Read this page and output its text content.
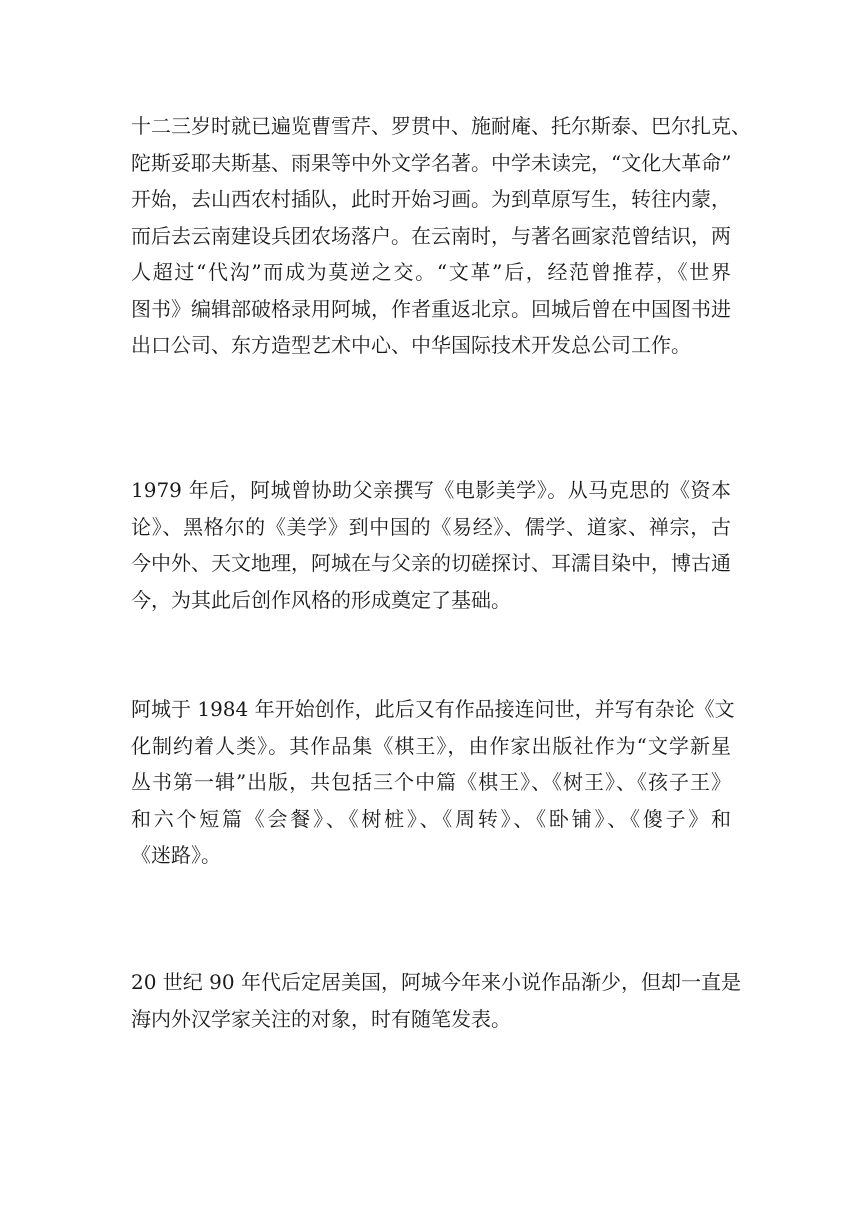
十二三岁时就已遍览曹雪芹、罗贯中、施耐庵、托尔斯泰、巴尔扎克、
陀斯妥耶夫斯基、雨果等中外文学名著。中学未读完，“文化大革命”
开始，去山西农村插队，此时开始习画。为到草原写生，转往内蒙，
而后去云南建设兵团农场落户。在云南时，与著名画家范曾结识，两
人超过“代沟”而成为莫逆之交。“文革”后，经范曾推荐，《世界
图书》编辑部破格录用阿城，作者重返北京。回城后曾在中国图书进
出口公司、东方造型艺术中心、中华国际技术开发总公司工作。

1979 年后，阿城曾协助父亲撰写《电影美学》。从马克思的《资本
论》、黑格尔的《美学》到中国的《易经》、儒学、道家、禅宗，古
今中外、天文地理，阿城在与父亲的切磋探讨、耳濡目染中，博古通
今，为其此后创作风格的形成奠定了基础。

阿城于 1984 年开始创作，此后又有作品接连问世，并写有杂论《文
化制约着人类》。其作品集《棋王》，由作家出版社作为“文学新星
丛书第一辑”出版，共包括三个中篇《棋王》、《树王》、《孩子王》
和六个短篇《会餐》、《树桩》、《周转》、《卧铺》、《傻子》和
《迷路》。

20 世纪 90 年代后定居美国，阿城今年来小说作品渐少，但却一直是
海内外汉学家关注的对象，时有随笔发表。
